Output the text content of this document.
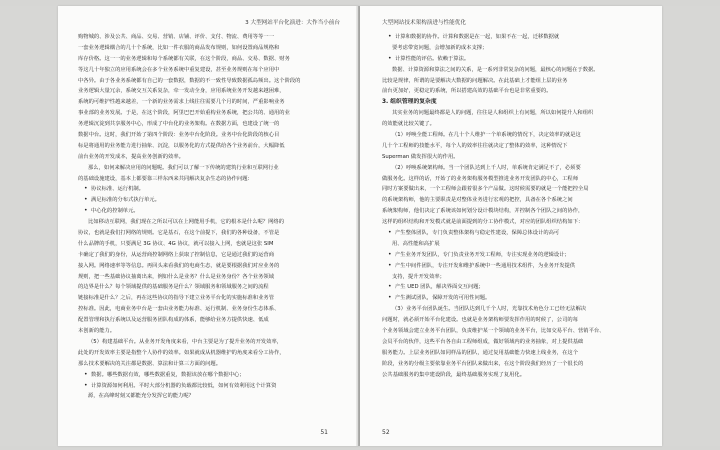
3 大型网站平台化演进：大作当小前台
购物城的、涉及公共、商品、交易、营销、店铺、评价、支付、物流、费用等等一一
一套业务逻辑耦合的几十个系统，比如一件衣服的商品发布规则，如何设置商品规格和
库存价格。这一一的业务逻辑和每个系统都有关联，在这个阶段，商品、交易、数据、财务
等这几十年独立的应用系统会在多个业务系统中重复建设，甚至业务规则在每个应用中
中各异。由于各业务系统都有自己的一套数据，数据的不一致性导致数据孤岛频出。这个阶段的
业务逻辑大量冗余，系统交互关系复杂，牵一发动全身，应用系统业务开发越来越困难，
系统的可维护性越来越差，一个新的业务需求上线往往需要几个月的时间，严重影响业务
事业部的业务发展。于是，在这个阶段，阿里巴巴开始重构业务系统，把公共的、通用的业
务逻辑沉淀到共享服务中心，形成了中台化的业务架构。在数据方面，也建设了统一的
数据中台。这时，我们开始了第四个阶段：业务中台化阶段。业务中台化阶段的核心目
标是将通用的业务能力进行抽象、沉淀，以服务化的方式提供给各个业务前台，大幅降低
前台业务的开发成本，提高业务创新的效率。
那么，如何来解决应用的问题呢。我们可以了解一下传统的建筑行业和互联网行业
的基础设施建设，基本上都要靠三样东西来共同解决复杂生态的协作问题：
• 协议标准、运行机制。
• 满足标准的分布式执行单元。
• 中心化的控制单元。
比如移动互联网，我们现在之所以可以在上网能用手机，它的根本是什么呢？网络的
协议，也就是我们打网络的规则。它是基石，在这个前提下，我们的各种设备，不管是
什么品牌的手机，只要满足 3G 协议、4G 协议，就可以接入上网，也就是这张 SIM
卡确定了我们的身份，从运营商控制网络上获取了控制信息，它是通过我们的运营商
接入网。网络速率等等信息。再回头来看我们的电商生态，就是要根据我们对应业务的
规则，把一些基础协议抽离出来，例如什么是业务？什么是业务身份？各个业务领域
的边界是什么？每个领域提供的基础服务是什么？领域服务和领域服务之间的流程
链接标准是什么？之后，再在这些协议的指导下建立业务平台化的实施标准和业务管
控标准。因此，电商业务中台是一套由业务能力标准、运行机制、业务身份生态体系、
配置管理和执行系统以及运营服务团队构成的体系，能够给业务方提供快速、低成
本创新的能力。
（5）构建基础平台。从业务开发角度来看，中台主要是为了提升业务的开发效率，
此处的开发效率主要是指整个人协作的效率。如果就成从机器维护的角度来看分工协作，
那么技术要解决的关注都是数据、算法和计算三方面的问题。
• 数据。哪些数据有效，哪些数据重复，数据该放在哪个数据中心；
• 计算资源如何利用。平时大部分机器的负载都比较低，如何有效利用这个计算资
源，在高峰时刻又都能充分发挥它的能力呢？
51
大型网站技术架构演进与性能优化
• 计算和数据的协作。计算和数据是在一起，如果不在一起，迁移数据就
要考虑带宽问题，会增加新的成本支撑；
• 计算性能的评估。依赖于算法。
数据、计算资源和算法之间的关系，是一系列非常复杂的问题，最核心的问题在于数据。
比较是规律，所谓的是要解决大数据的问题解决。在此基础上才能组上层的业务
前台更加好，更稳定的系统，所以搭建高效的基础平台也是非常重要的。
3. 组织管理的复杂度
其实业务的问题最终都是人的问题，往往是人和组织上有问题，所以如何提升人和组织
的效能就比较关键了。
（1）呼唤全能工程师。在几十个人维护一个单系统的情况下，决定效率的就是这
几十个工程师的技能水平，每个人的效率往往就决定了整体的效率，这种情况下
Superman 做发挥很大的作用。
（2）呼唤系统架构师。当一个团队达到上千人时，单系统肯定满足不了，必须要
做服务化。这样的话，开始了的业务架构服务模型推进业务开发团队的中心，工程师
同时方案要做出来，一个工程师会跟着很多个产品做。这时候需要的就是一个能把控全局
的系统架构师，他的主要职责是对整体业务进行宏观的把控，具备在各个系统之间
系统架构师，他们决定了系统该如何划分设计模块结构，并控制各个团队之间的协作，
这样的组织结构和开发模式就是前面提到的分工协作模式，对应的团队组织结构如下：
• 产生整体团队，专门负责整体架构与稳定性建设，保障总体设计的高可
用、高性能和高扩展
• 产生业务开发团队，专门负责业务开发工程师，专注实现业务的逻辑设计；
• 产生中间件团队，专注开发和维护系统中一些通用技术组件，为业务开发提供
支持，提升开发效率；
• 产生 UED 团队，解决界面交互问题；
• 产生测试团队，保障开发的可用性问题。
（3）业务平台团队诞生。当团队达到几千个人时，光靠技术角色分工已经无法解决
问题时，就必须开始平台化建设。也就是业务架构师要发挥作用的时候了，公司的每
个业务领域会建立业务平台团队，负责维护某一个领域的业务平台，比如交易平台、营销平台、
会员平台的伙伴，这些平台各自由工程师组成，做好领域内的业务抽象，对上提供基础
服务能力。上层业务团队如同样品的团队，通过复用基础能力快速上线业务，在这个
阶段，业务的分级主要依靠业务平台团队来做出来，在这个阶段我们经历了一个很长的
公共基础服务的集中建设阶段，最终基础服务实现了复用化。
52
